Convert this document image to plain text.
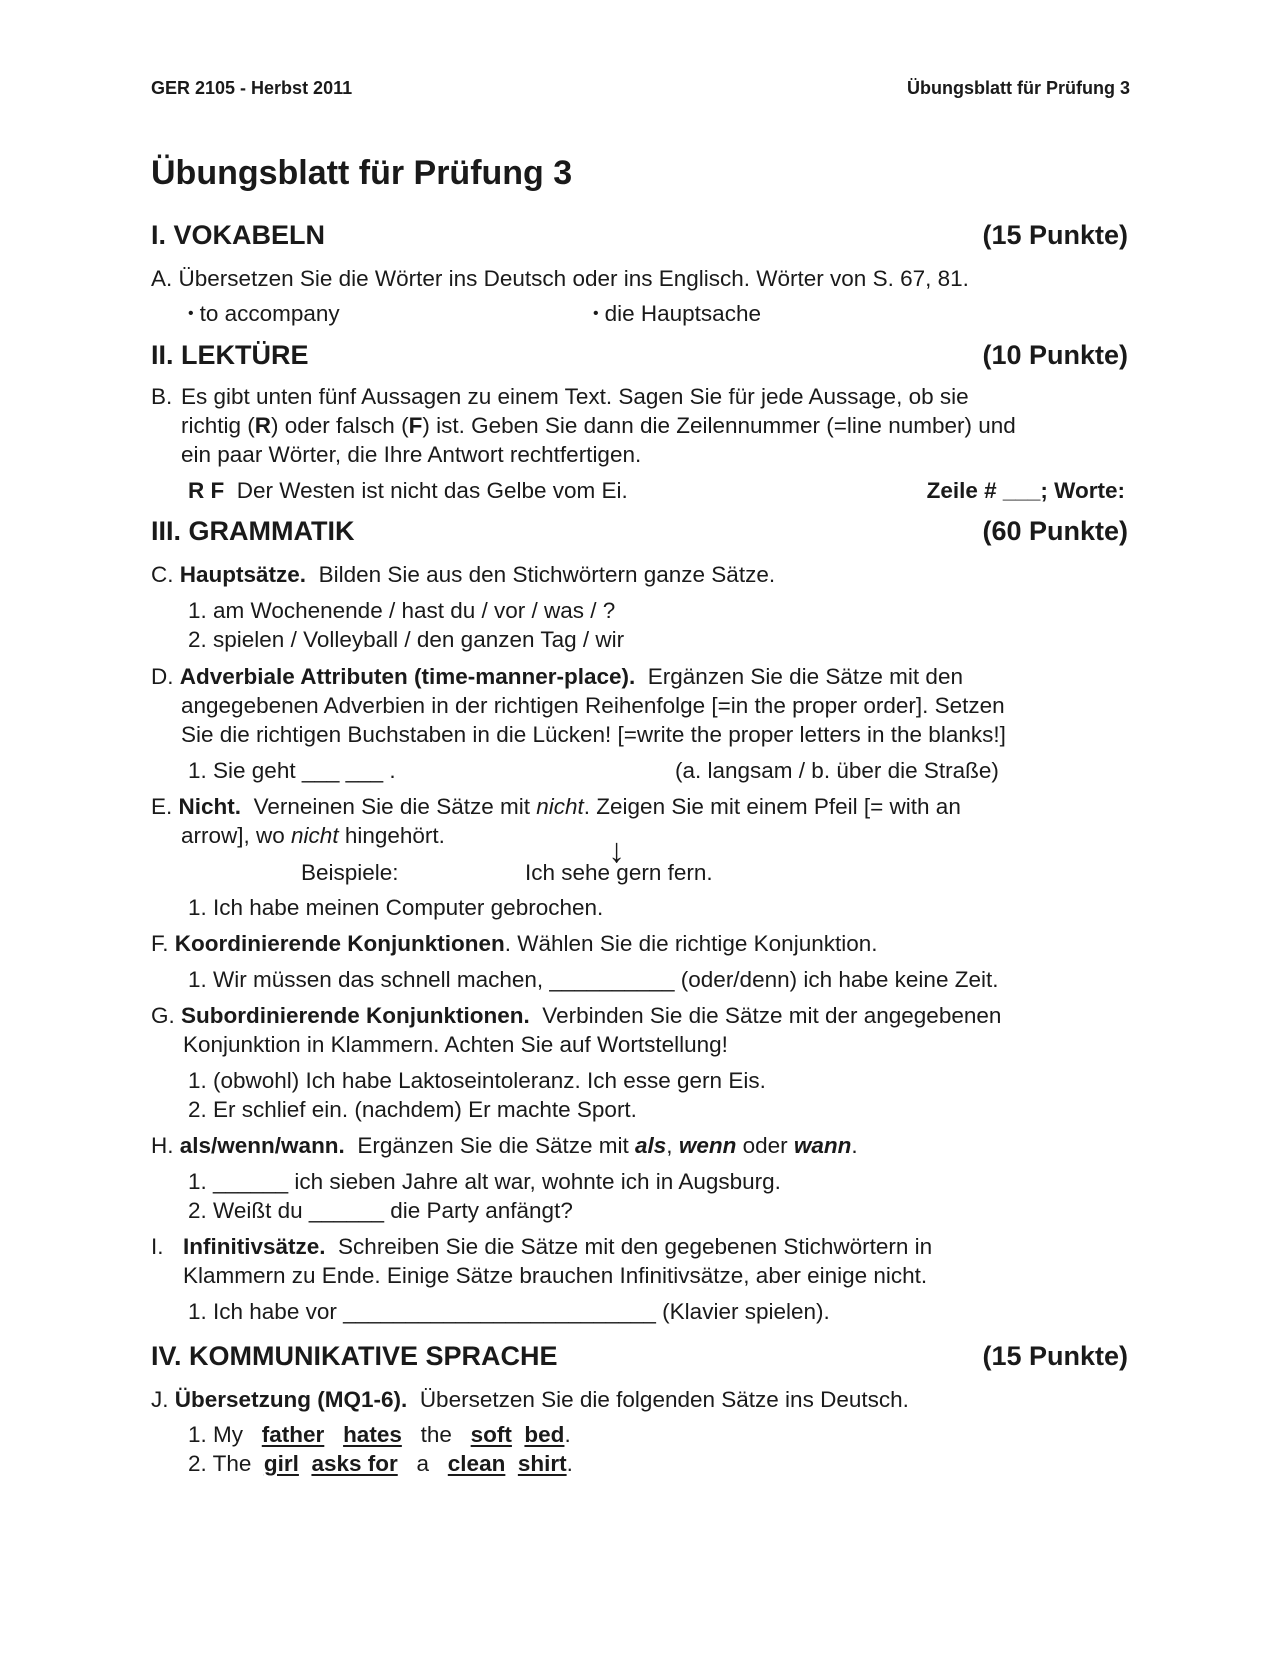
GER 2105 - Herbst 2011	Übungsblatt für Prüfung 3
Übungsblatt für Prüfung 3
I. VOKABELN	(15 Punkte)
A. Übersetzen Sie die Wörter ins Deutsch oder ins Englisch. Wörter von S. 67, 81.
• to accompany	• die Hauptsache
II. LEKTÜRE	(10 Punkte)
B. Es gibt unten fünf Aussagen zu einem Text. Sagen Sie für jede Aussage, ob sie
richtig (R) oder falsch (F) ist. Geben Sie dann die Zeilennummer (=line number) und
ein paar Wörter, die Ihre Antwort rechtfertigen.
R F Der Westen ist nicht das Gelbe vom Ei.	Zeile # ___; Worte:
III. GRAMMATIK	(60 Punkte)
C. Hauptsätze. Bilden Sie aus den Stichwörtern ganze Sätze.
1. am Wochenende / hast du / vor / was / ?
2. spielen / Volleyball / den ganzen Tag / wir
D. Adverbiale Attributen (time-manner-place). Ergänzen Sie die Sätze mit den
angegebenen Adverbien in der richtigen Reihenfolge [=in the proper order]. Setzen
Sie die richtigen Buchstaben in die Lücken! [=write the proper letters in the blanks!]
1. Sie geht ___ ___ .	(a. langsam / b. über die Straße)
E. Nicht. Verneinen Sie die Sätze mit nicht. Zeigen Sie mit einem Pfeil [= with an
arrow], wo nicht hingehört.
Beispiele:	Ich sehe gern fern.
↓
1. Ich habe meinen Computer gebrochen.
F. Koordinierende Konjunktionen. Wählen Sie die richtige Konjunktion.
1. Wir müssen das schnell machen, __________ (oder/denn) ich habe keine Zeit.
G. Subordinierende Konjunktionen. Verbinden Sie die Sätze mit der angegebenen
Konjunktion in Klammern. Achten Sie auf Wortstellung!
1. (obwohl) Ich habe Laktoseintoleranz. Ich esse gern Eis.
2. Er schlief ein. (nachdem) Er machte Sport.
H. als/wenn/wann. Ergänzen Sie die Sätze mit als, wenn oder wann.
1. ______ ich sieben Jahre alt war, wohnte ich in Augsburg.
2. Weißt du ______ die Party anfängt?
I. Infinitivsätze. Schreiben Sie die Sätze mit den gegebenen Stichwörtern in
Klammern zu Ende. Einige Sätze brauchen Infinitivsätze, aber einige nicht.
1. Ich habe vor _________________________ (Klavier spielen).
IV. KOMMUNIKATIVE SPRACHE	(15 Punkte)
J. Übersetzung (MQ1-6). Übersetzen Sie die folgenden Sätze ins Deutsch.
1. My father hates the soft bed.
2. The girl asks for a clean shirt.
